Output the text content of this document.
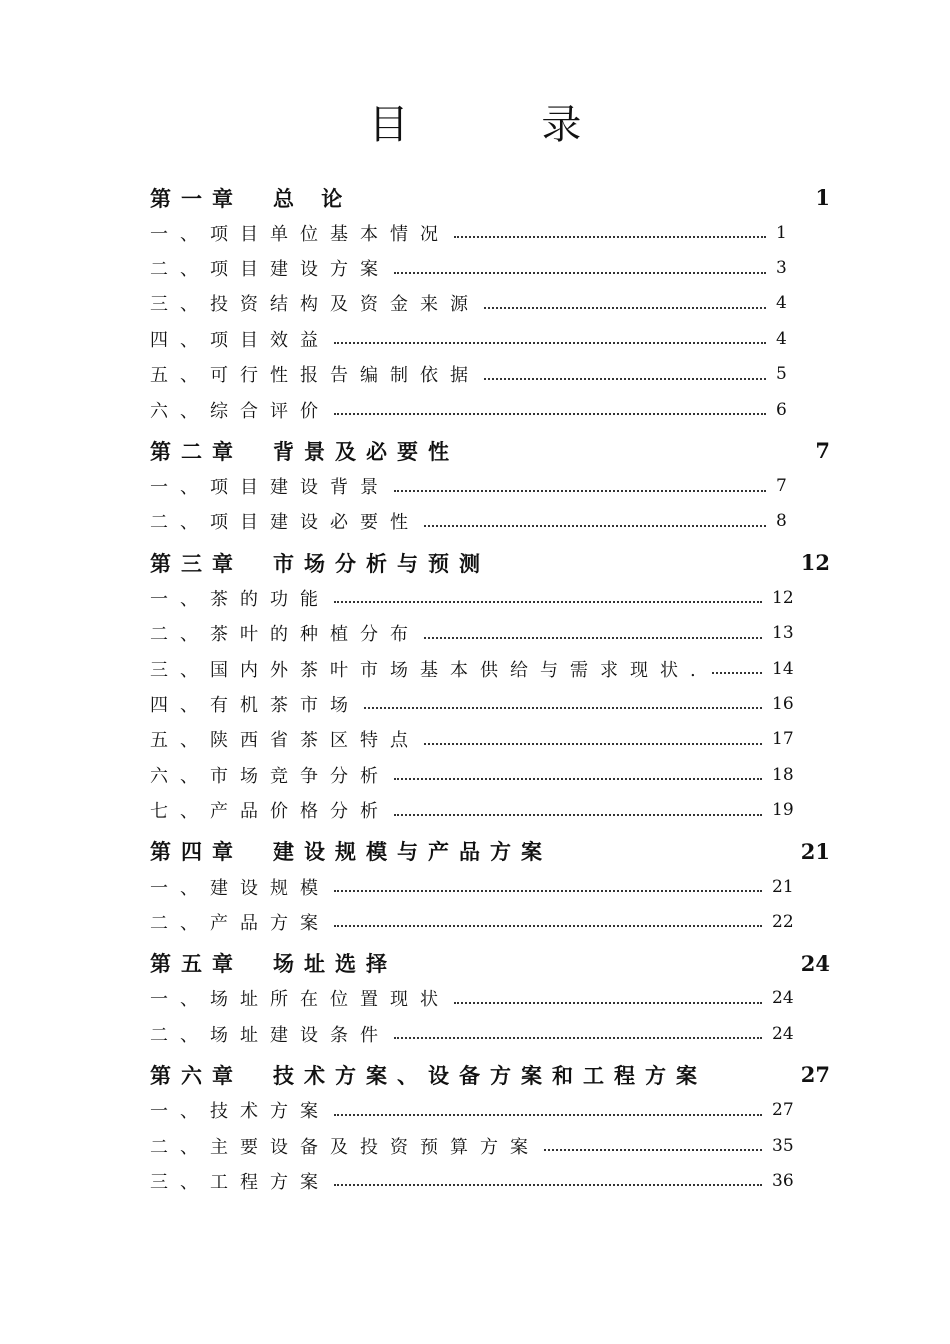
目 录
第一章 总 论	1
一、项目单位基本情况	1
二、项目建设方案	3
三、投资结构及资金来源	4
四、项目效益	4
五、可行性报告编制依据	5
六、综合评价	6
第二章 背景及必要性	7
一、项目建设背景	7
二、项目建设必要性	8
第三章 市场分析与预测	12
一、茶的功能	12
二、茶叶的种植分布	13
三、国内外茶叶市场基本供给与需求现状.	14
四、有机茶市场	16
五、陕西省茶区特点	17
六、市场竞争分析	18
七、产品价格分析	19
第四章 建设规模与产品方案	21
一、建设规模	21
二、产品方案	22
第五章 场址选择	24
一、场址所在位置现状	24
二、场址建设条件	24
第六章 技术方案、设备方案和工程方案	27
一、技术方案	27
二、主要设备及投资预算方案	35
三、工程方案	36
